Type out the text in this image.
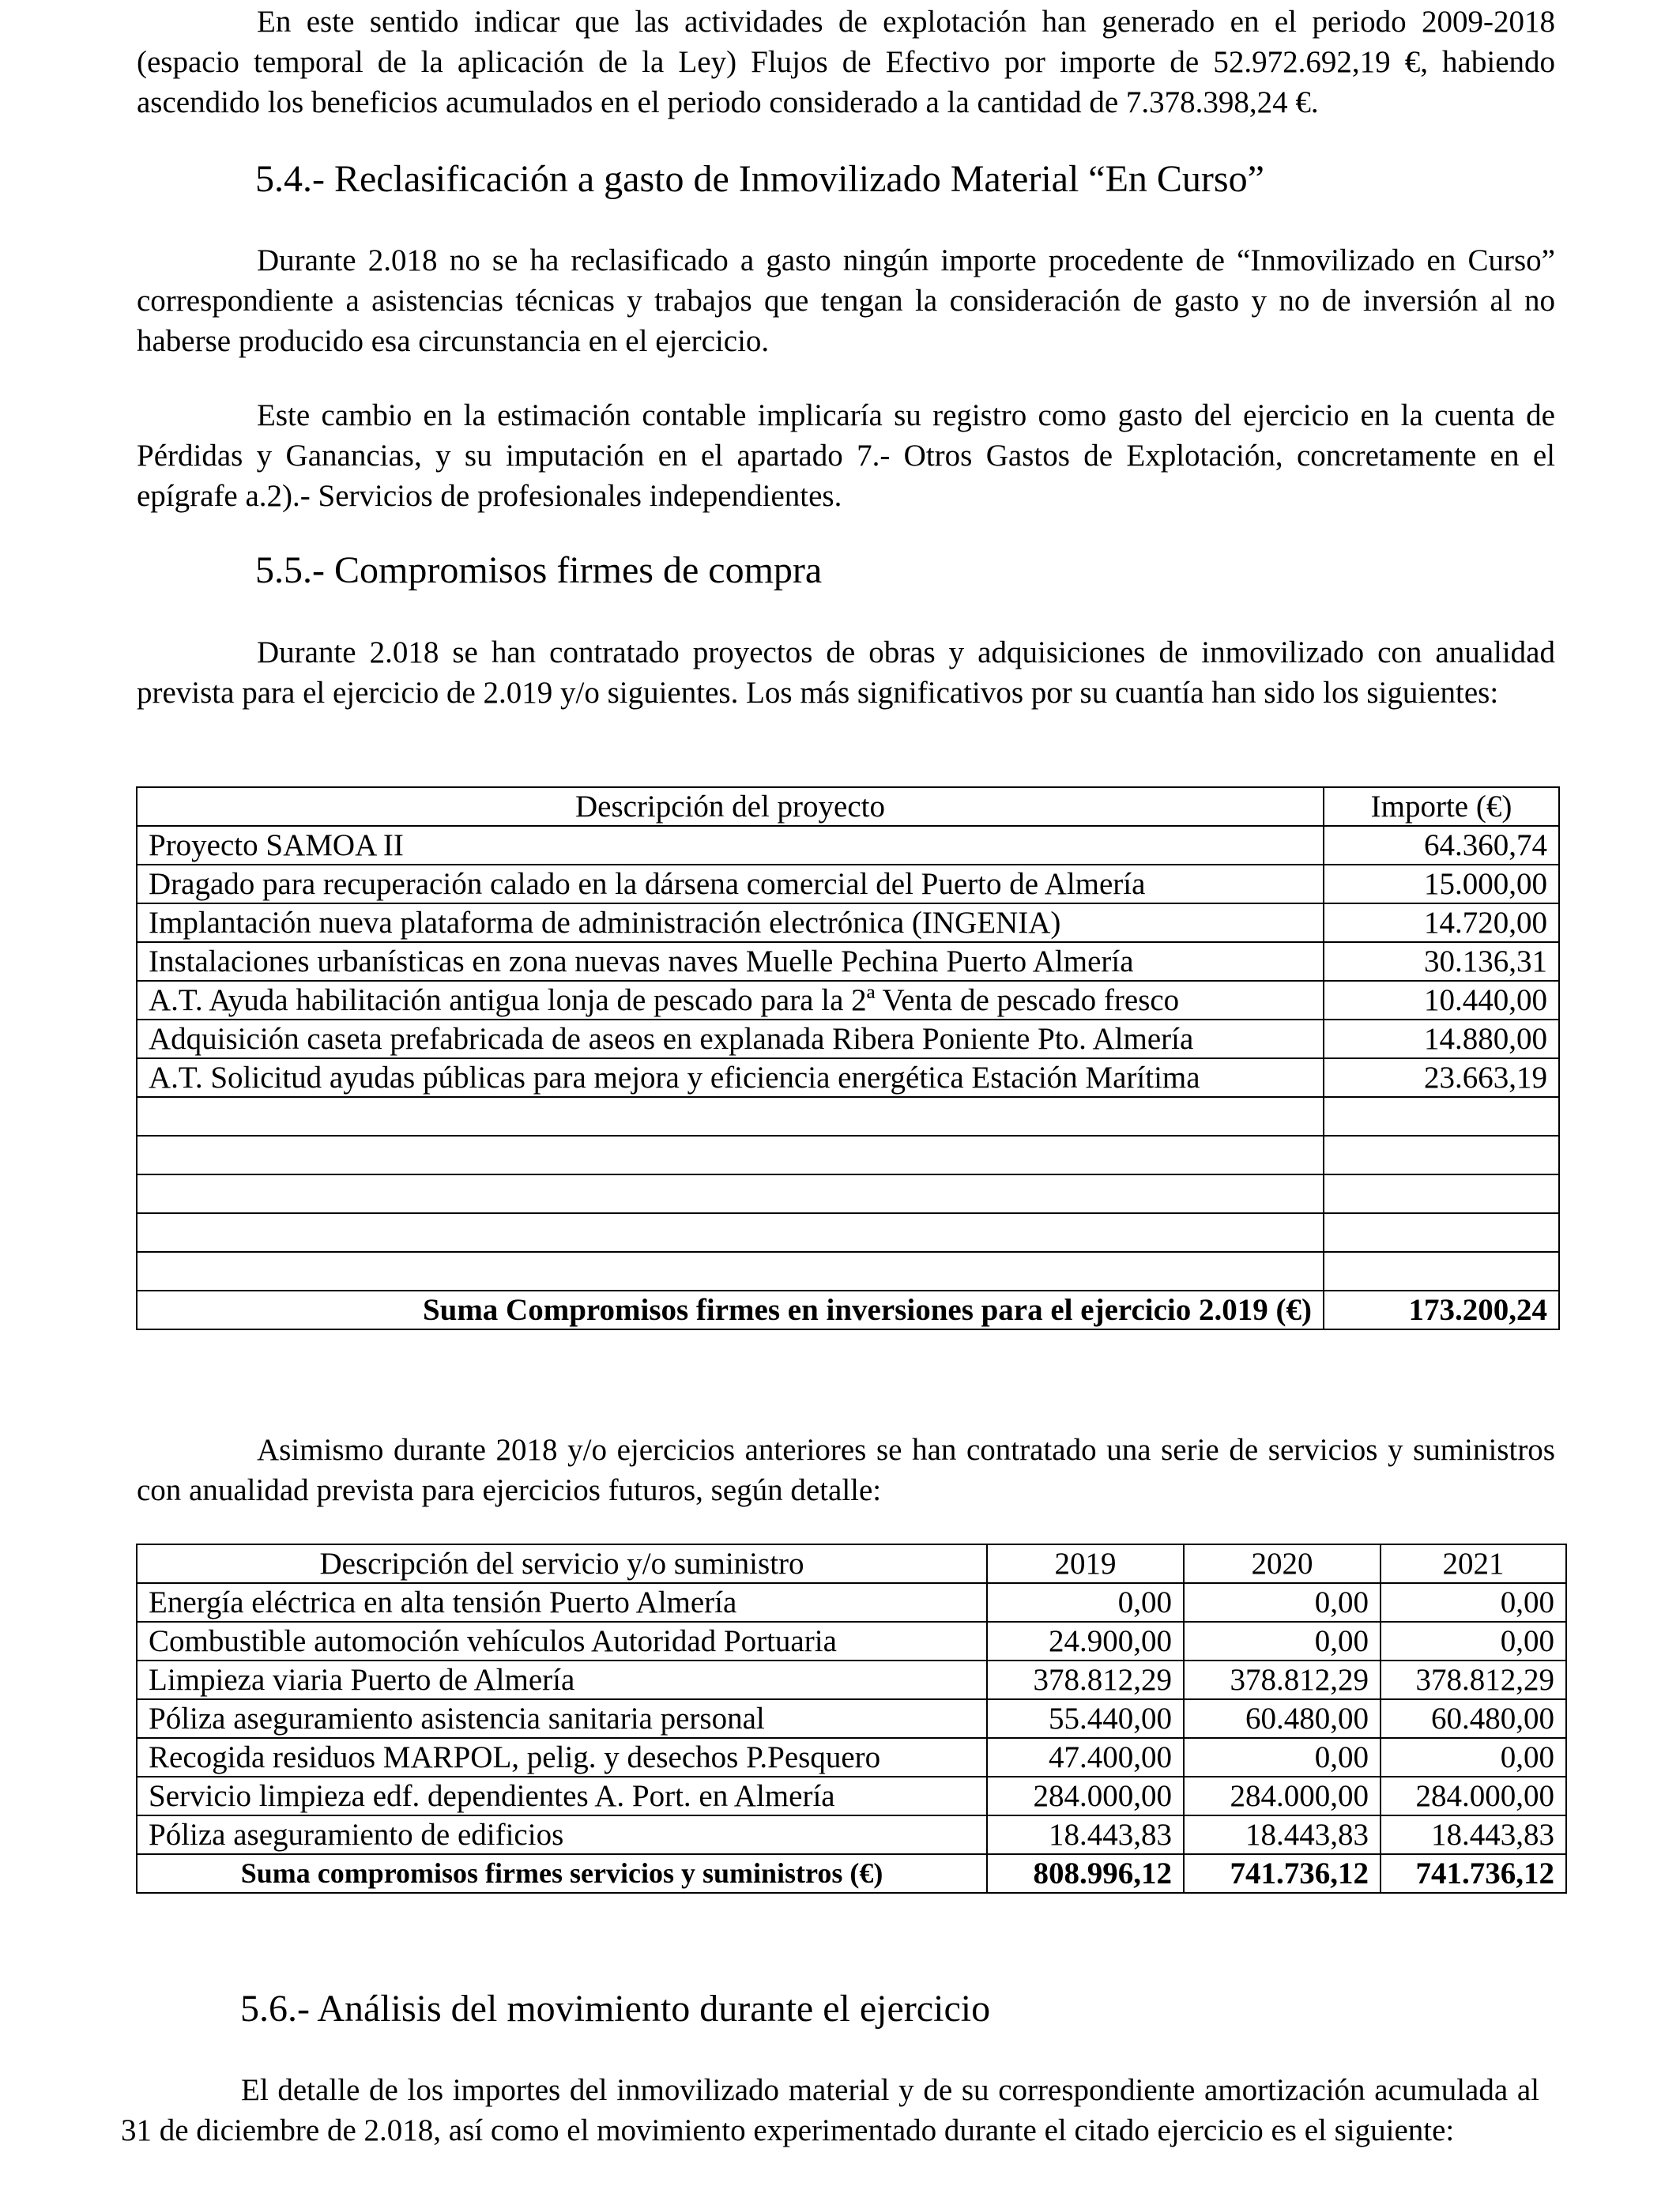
En este sentido indicar que las actividades de explotación han generado en el periodo 2009-2018 (espacio temporal de la aplicación de la Ley) Flujos de Efectivo por importe de 52.972.692,19 €, habiendo ascendido los beneficios acumulados en el periodo considerado a la cantidad de 7.378.398,24 €.

5.4.- Reclasificación a gasto de Inmovilizado Material “En Curso”

Durante 2.018 no se ha reclasificado a gasto ningún importe procedente de “Inmovilizado en Curso” correspondiente a asistencias técnicas y trabajos que tengan la consideración de gasto y no de inversión al no haberse producido esa circunstancia en el ejercicio.

Este cambio en la estimación contable implicaría su registro como gasto del ejercicio en la cuenta de Pérdidas y Ganancias, y su imputación en el apartado 7.- Otros Gastos de Explotación, concretamente en el epígrafe a.2).- Servicios de profesionales independientes.

5.5.- Compromisos firmes de compra

Durante 2.018 se han contratado proyectos de obras y adquisiciones de inmovilizado con anualidad prevista para el ejercicio de 2.019 y/o siguientes. Los más significativos por su cuantía han sido los siguientes:

Descripción del proyecto	Importe (€)
Proyecto SAMOA II	64.360,74
Dragado para recuperación calado en la dársena comercial del Puerto de Almería	15.000,00
Implantación nueva plataforma de administración electrónica (INGENIA)	14.720,00
Instalaciones urbanísticas en zona nuevas naves Muelle Pechina Puerto Almería	30.136,31
A.T. Ayuda habilitación antigua lonja de pescado para la 2ª Venta de pescado fresco	10.440,00
Adquisición caseta prefabricada de aseos en explanada Ribera Poniente Pto. Almería	14.880,00
A.T. Solicitud ayudas públicas para mejora y eficiencia energética Estación Marítima	23.663,19

Suma Compromisos firmes en inversiones para el ejercicio 2.019 (€)	173.200,24

Asimismo durante 2018 y/o ejercicios anteriores se han contratado una serie de servicios y suministros con anualidad prevista para ejercicios futuros, según detalle:

Descripción del servicio y/o suministro	2019	2020	2021
Energía eléctrica en alta tensión Puerto Almería	0,00	0,00	0,00
Combustible automoción vehículos Autoridad Portuaria	24.900,00	0,00	0,00
Limpieza viaria Puerto de Almería	378.812,29	378.812,29	378.812,29
Póliza aseguramiento asistencia sanitaria personal	55.440,00	60.480,00	60.480,00
Recogida residuos MARPOL, pelig. y desechos P.Pesquero	47.400,00	0,00	0,00
Servicio limpieza edf. dependientes A. Port. en Almería	284.000,00	284.000,00	284.000,00
Póliza aseguramiento de edificios	18.443,83	18.443,83	18.443,83
Suma compromisos firmes servicios y suministros (€)	808.996,12	741.736,12	741.736,12
5.6.- Análisis del movimiento durante el ejercicio

El detalle de los importes del inmovilizado material y de su correspondiente amortización acumulada al 31 de diciembre de 2.018, así como el movimiento experimentado durante el citado ejercicio es el siguiente:
